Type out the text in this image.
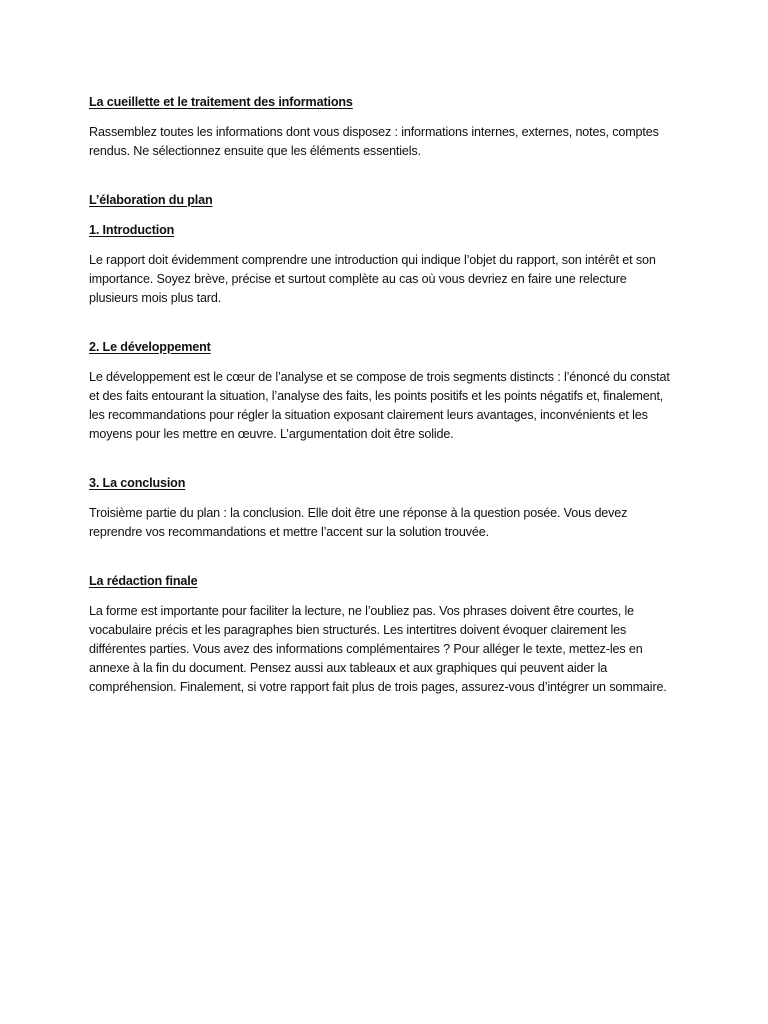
La cueillette et le traitement des informations

Rassemblez toutes les informations dont vous disposez : informations internes, externes, notes, comptes rendus. Ne sélectionnez ensuite que les éléments essentiels.

L’élaboration du plan

1. Introduction

Le rapport doit évidemment comprendre une introduction qui indique l’objet du rapport, son intérêt et son importance. Soyez brève, précise et surtout complète au cas où vous devriez en faire une relecture plusieurs mois plus tard.

2. Le développement

Le développement est le cœur de l’analyse et se compose de trois segments distincts : l’énoncé du constat et des faits entourant la situation, l’analyse des faits, les points positifs et les points négatifs et, finalement, les recommandations pour régler la situation exposant clairement leurs avantages, inconvénients et les moyens pour les mettre en œuvre. L’argumentation doit être solide.

3. La conclusion

Troisième partie du plan : la conclusion. Elle doit être une réponse à la question posée. Vous devez reprendre vos recommandations et mettre l’accent sur la solution trouvée.

La rédaction finale

La forme est importante pour faciliter la lecture, ne l’oubliez pas. Vos phrases doivent être courtes, le vocabulaire précis et les paragraphes bien structurés. Les intertitres doivent évoquer clairement les différentes parties. Vous avez des informations complémentaires ? Pour alléger le texte, mettez-les en annexe à la fin du document. Pensez aussi aux tableaux et aux graphiques qui peuvent aider la compréhension. Finalement, si votre rapport fait plus de trois pages, assurez-vous d’intégrer un sommaire.
